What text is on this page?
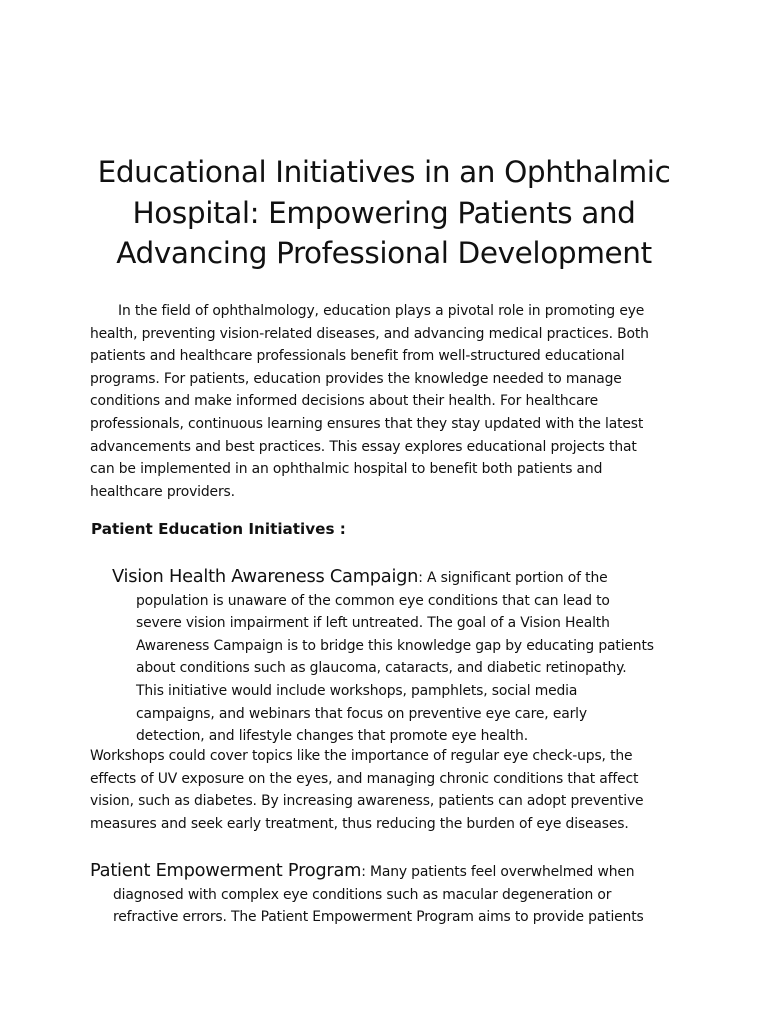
Educational Initiatives in an Ophthalmic
Hospital: Empowering Patients and
Advancing Professional Development

In the field of ophthalmology, education plays a pivotal role in promoting eye
health, preventing vision-related diseases, and advancing medical practices. Both
patients and healthcare professionals benefit from well-structured educational
programs. For patients, education provides the knowledge needed to manage
conditions and make informed decisions about their health. For healthcare
professionals, continuous learning ensures that they stay updated with the latest
advancements and best practices. This essay explores educational projects that
can be implemented in an ophthalmic hospital to benefit both patients and
healthcare providers.

Patient Education Initiatives :
Vision Health Awareness Campaign: A significant portion of the
population is unaware of the common eye conditions that can lead to
severe vision impairment if left untreated. The goal of a Vision Health
Awareness Campaign is to bridge this knowledge gap by educating patients
about conditions such as glaucoma, cataracts, and diabetic retinopathy.
This initiative would include workshops, pamphlets, social media
campaigns, and webinars that focus on preventive eye care, early
detection, and lifestyle changes that promote eye health.

Workshops could cover topics like the importance of regular eye check-ups, the
effects of UV exposure on the eyes, and managing chronic conditions that affect
vision, such as diabetes. By increasing awareness, patients can adopt preventive
measures and seek early treatment, thus reducing the burden of eye diseases.

Patient Empowerment Program: Many patients feel overwhelmed when
diagnosed with complex eye conditions such as macular degeneration or
refractive errors. The Patient Empowerment Program aims to provide patients
